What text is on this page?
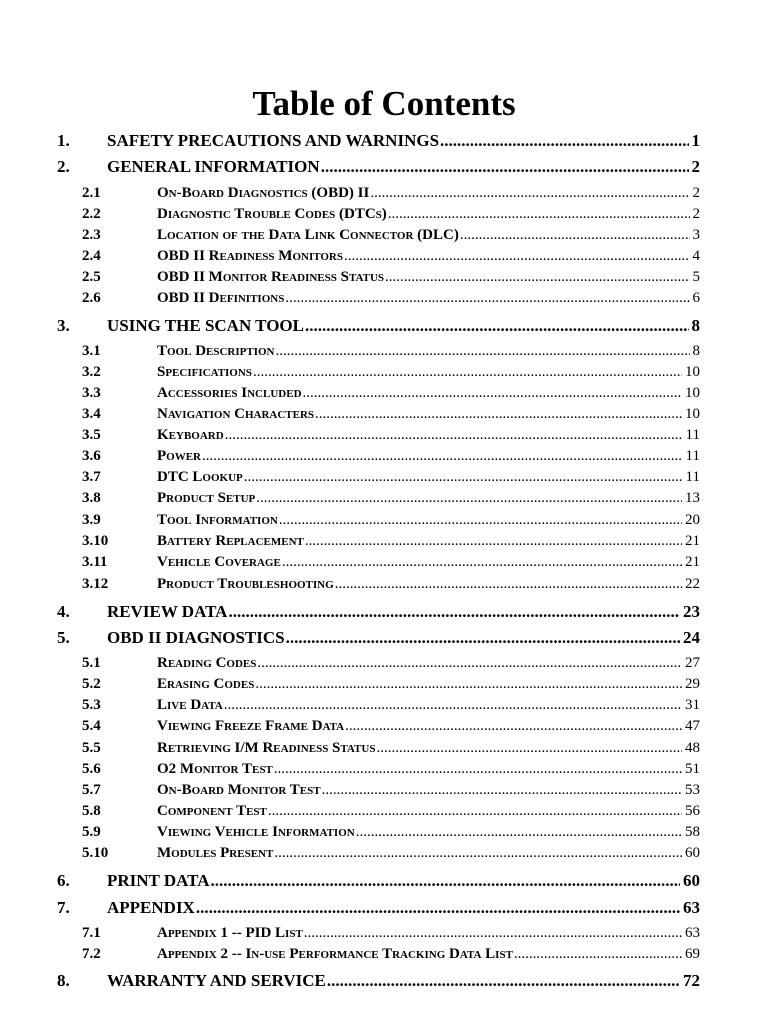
Table of Contents
1.	SAFETY PRECAUTIONS AND WARNINGS .....	1
2.	GENERAL INFORMATION .....	2
2.1	On-Board Diagnostics (OBD) II .....	2
2.2	Diagnostic Trouble Codes (DTCs) .....	2
2.3	Location of the Data Link Connector (DLC) .....	3
2.4	OBD II Readiness Monitors .....	4
2.5	OBD II Monitor Readiness Status .....	5
2.6	OBD II Definitions .....	6
3.	USING THE SCAN TOOL .....	8
3.1	Tool Description .....	8
3.2	Specifications .....	10
3.3	Accessories Included .....	10
3.4	Navigation Characters .....	10
3.5	Keyboard .....	11
3.6	Power .....	11
3.7	DTC Lookup .....	11
3.8	Product Setup .....	13
3.9	Tool Information .....	20
3.10	Battery Replacement .....	21
3.11	Vehicle Coverage .....	21
3.12	Product Troubleshooting .....	22
4.	REVIEW DATA .....	23
5.	OBD II DIAGNOSTICS .....	24
5.1	Reading Codes .....	27
5.2	Erasing Codes .....	29
5.3	Live Data .....	31
5.4	Viewing Freeze Frame Data .....	47
5.5	Retrieving I/M Readiness Status .....	48
5.6	O2 Monitor Test .....	51
5.7	On-Board Monitor Test .....	53
5.8	Component Test .....	56
5.9	Viewing Vehicle Information .....	58
5.10	Modules Present .....	60
6.	PRINT DATA .....	60
7.	APPENDIX .....	63
7.1	Appendix 1 -- PID List .....	63
7.2	Appendix 2 -- In-use Performance Tracking Data List .....	69
8.	WARRANTY AND SERVICE .....	72
